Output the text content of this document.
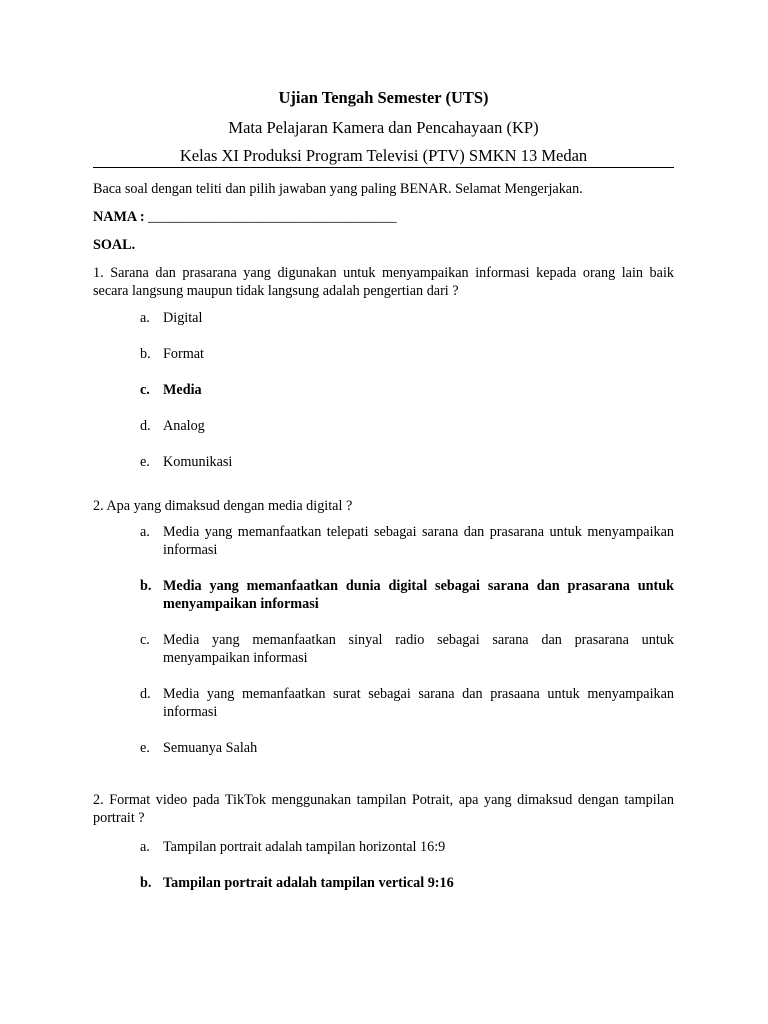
Ujian Tengah Semester (UTS)

Mata Pelajaran Kamera dan Pencahayaan (KP)

Kelas XI Produksi Program Televisi (PTV) SMKN 13 Medan

Baca soal dengan teliti dan pilih jawaban yang paling BENAR. Selamat Mengerjakan.

NAMA : ___________________________________

SOAL.

1. Sarana dan prasarana yang digunakan untuk menyampaikan informasi kepada orang lain baik secara langsung maupun tidak langsung adalah pengertian dari ?

a. Digital
b. Format
c. Media
d. Analog
e. Komunikasi

2. Apa yang dimaksud dengan media digital ?

a. Media yang memanfaatkan telepati sebagai sarana dan prasarana untuk menyampaikan informasi
b. Media yang memanfaatkan dunia digital sebagai sarana dan prasarana untuk menyampaikan informasi
c. Media yang memanfaatkan sinyal radio sebagai sarana dan prasarana untuk menyampaikan informasi
d. Media yang memanfaatkan surat sebagai sarana dan prasaana untuk menyampaikan informasi
e. Semuanya Salah

2. Format video pada TikTok menggunakan tampilan Potrait, apa yang dimaksud dengan tampilan portrait ?

a. Tampilan portrait adalah tampilan horizontal 16:9
b. Tampilan portrait adalah tampilan vertical 9:16
